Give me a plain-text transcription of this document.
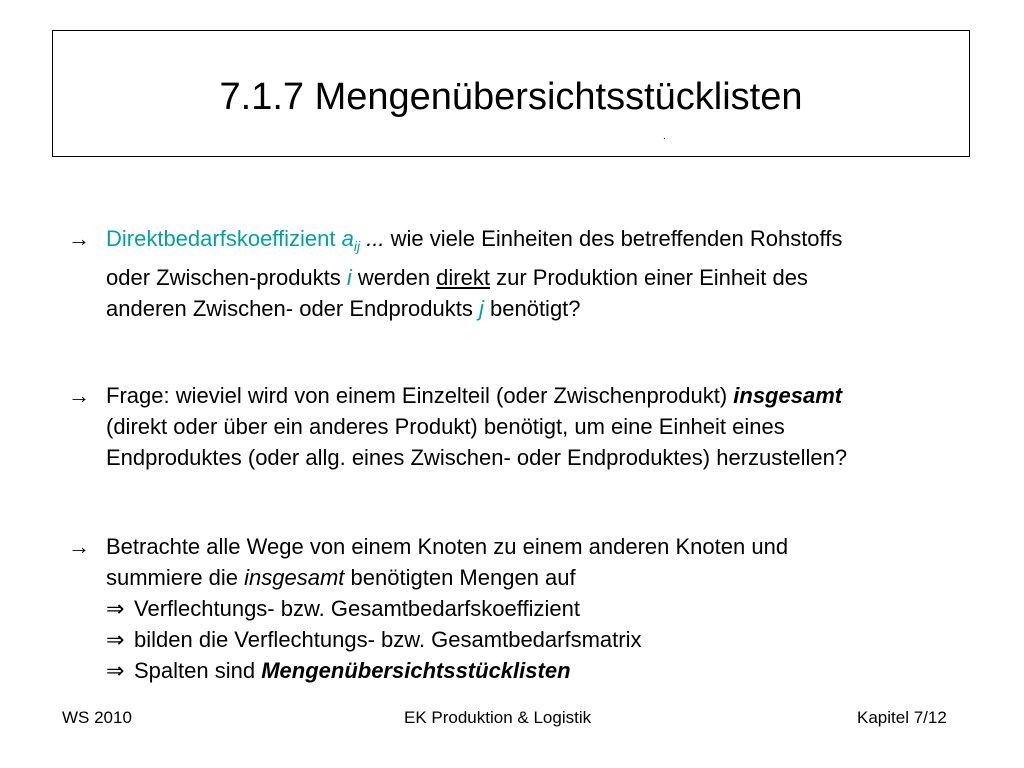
7.1.7 Mengenübersichtsstücklisten
.
→ Direktbedarfskoeffizient $a_{ij}$ ... wie viele Einheiten des betreffenden Rohstoffs
oder Zwischen-produkts i werden direkt zur Produktion einer Einheit des
anderen Zwischen- oder Endprodukts j benötigt?
→ Frage: wieviel wird von einem Einzelteil (oder Zwischenprodukt) insgesamt
(direkt oder über ein anderes Produkt) benötigt, um eine Einheit eines
Endproduktes (oder allg. eines Zwischen- oder Endproduktes) herzustellen?
→ Betrachte alle Wege von einem Knoten zu einem anderen Knoten und
summiere die insgesamt benötigten Mengen auf
⇒ Verflechtungs- bzw. Gesamtbedarfskoeffizient
⇒ bilden die Verflechtungs- bzw. Gesamtbedarfsmatrix
⇒ Spalten sind Mengenübersichtsstücklisten
WS 2010	EK Produktion & Logistik	Kapitel 7/12
